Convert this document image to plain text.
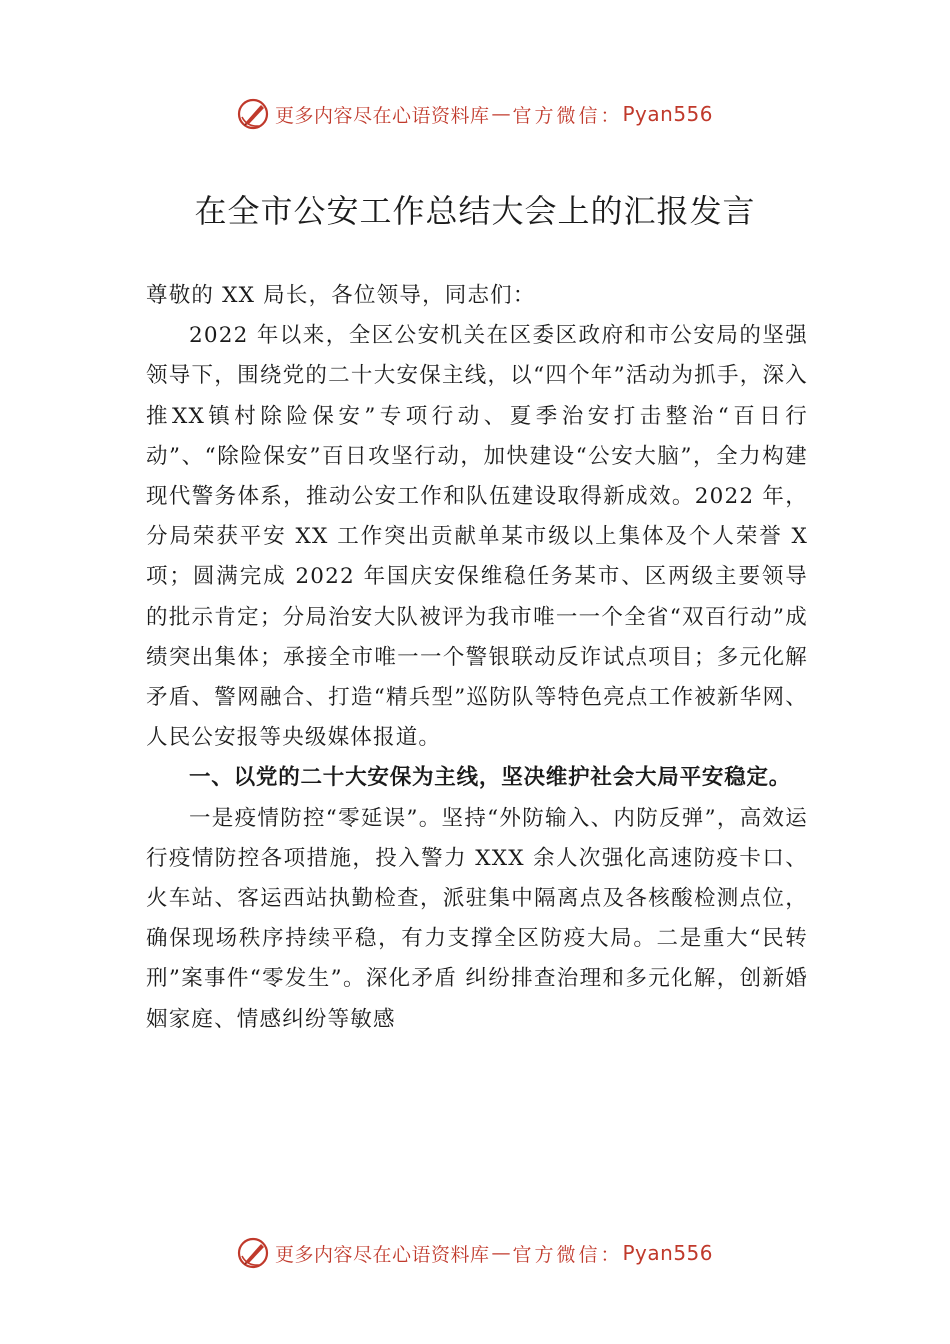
更多内容尽在心语资料库 — 官方微信： Pyan556
在全市公安工作总结大会上的汇报发言

尊敬的 XX 局长，各位领导，同志们：

2022 年以来，全区公安机关在区委区政府和市公安局的坚强领导下，围绕党的二十大安保主线，以“四个年”活动为抓手，深入推XX镇村除险保安”专项行动、夏季治安打击整治“百日行动”、“除险保安”百日攻坚行动，加快建设“公安大脑”，全力构建现代警务体系，推动公安工作和队伍建设取得新成效。2022 年，分局荣获平安 XX 工作突出贡献单某市级以上集体及个人荣誉 X 项；圆满完成 2022 年国庆安保维稳任务某市、区两级主要领导的批示肯定；分局治安大队被评为我市唯一一个全省“双百行动”成绩突出集体；承接全市唯一一个警银联动反诈试点项目；多元化解矛盾、警网融合、打造“精兵型”巡防队等特色亮点工作被新华网、人民公安报等央级媒体报道。

一、以党的二十大安保为主线，坚决维护社会大局平安稳定。

一是疫情防控“零延误”。坚持“外防输入、内防反弹”，高效运行疫情防控各项措施，投入警力 XXX 余人次强化高速防疫卡口、火车站、客运西站执勤检查，派驻集中隔离点及各核酸检测点位，确保现场秩序持续平稳，有力支撑全区防疫大局。二是重大“民转刑”案事件“零发生”。深化矛盾 纠纷排查治理和多元化解，创新婚姻家庭、情感纠纷等敏感

更多内容尽在心语资料库 — 官方微信： Pyan556
